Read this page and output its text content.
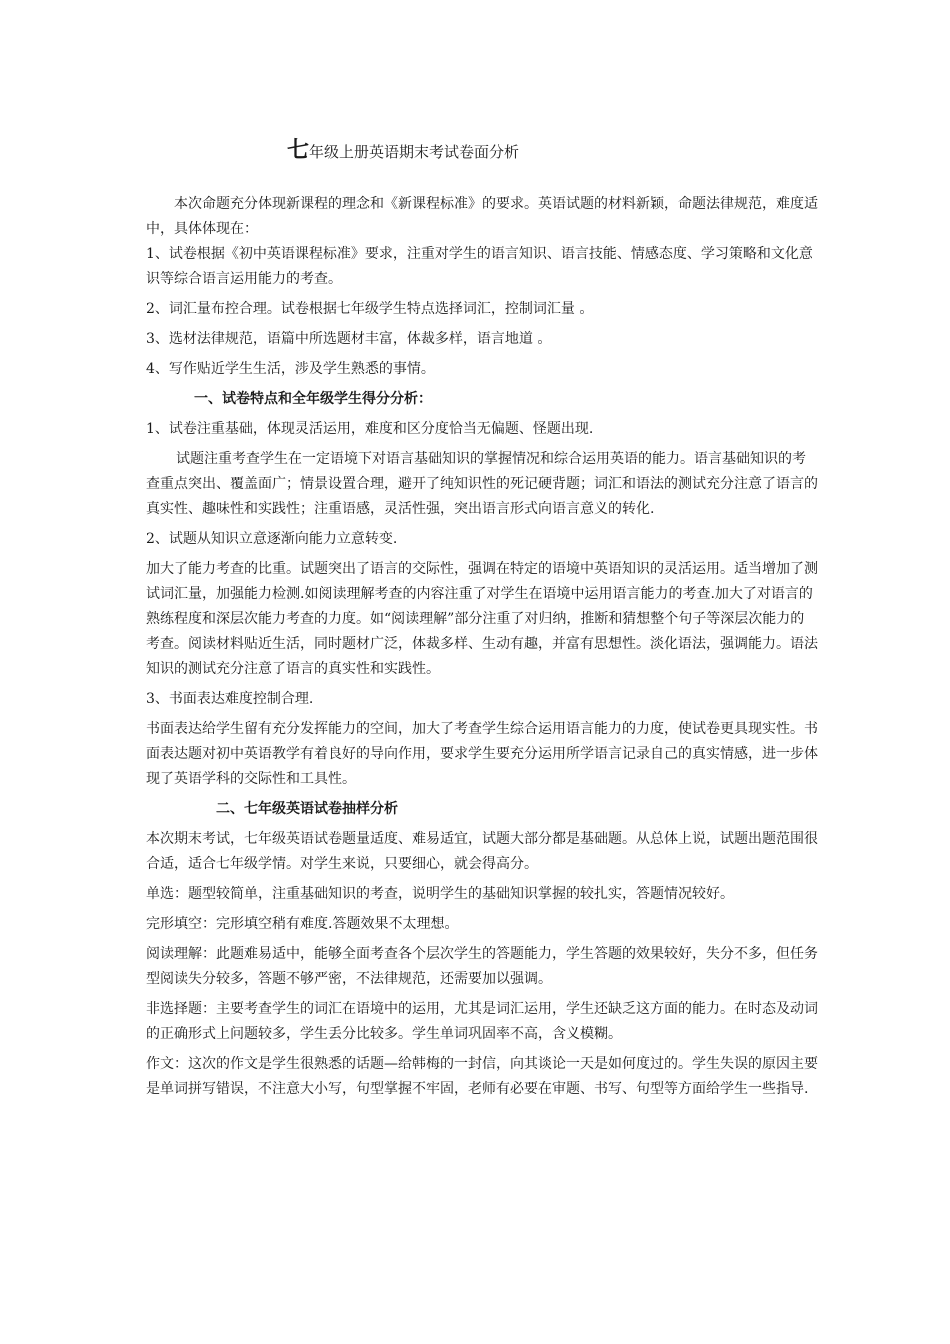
七年级上册英语期末考试卷面分析

本次命题充分体现新课程的理念和《新课程标准》的要求。英语试题的材料新颖，命题法律规范，难度适中，具体体现在：

1、试卷根据《初中英语课程标准》要求，注重对学生的语言知识、语言技能、情感态度、学习策略和文化意识等综合语言运用能力的考查。

2、词汇量布控合理。试卷根据七年级学生特点选择词汇，控制词汇量 。

3、选材法律规范，语篇中所选题材丰富，体裁多样，语言地道 。

4、写作贴近学生生活，涉及学生熟悉的事情。

一、试卷特点和全年级学生得分分析：

1、试卷注重基础，体现灵活运用，难度和区分度恰当无偏题、怪题出现.

试题注重考查学生在一定语境下对语言基础知识的掌握情况和综合运用英语的能力。语言基础知识的考查重点突出、覆盖面广；情景设置合理，避开了纯知识性的死记硬背题；词汇和语法的测试充分注意了语言的真实性、趣味性和实践性；注重语感，灵活性强，突出语言形式向语言意义的转化.

2、试题从知识立意逐渐向能力立意转变.

加大了能力考查的比重。试题突出了语言的交际性，强调在特定的语境中英语知识的灵活运用。适当增加了测试词汇量，加强能力检测.如阅读理解考查的内容注重了对学生在语境中运用语言能力的考查.加大了对语言的熟练程度和深层次能力考查的力度。如“阅读理解”部分注重了对归纳，推断和猜想整个句子等深层次能力的考查。阅读材料贴近生活，同时题材广泛，体裁多样、生动有趣，并富有思想性。淡化语法，强调能力。语法知识的测试充分注意了语言的真实性和实践性。

3、书面表达难度控制合理.

书面表达给学生留有充分发挥能力的空间，加大了考查学生综合运用语言能力的力度，使试卷更具现实性。书面表达题对初中英语教学有着良好的导向作用，要求学生要充分运用所学语言记录自己的真实情感，进一步体现了英语学科的交际性和工具性。

二、七年级英语试卷抽样分析

本次期末考试，七年级英语试卷题量适度、难易适宜，试题大部分都是基础题。从总体上说，试题出题范围很合适，适合七年级学情。对学生来说，只要细心，就会得高分。

单选：题型较简单，注重基础知识的考查，说明学生的基础知识掌握的较扎实，答题情况较好。

完形填空：完形填空稍有难度.答题效果不太理想。

阅读理解：此题难易适中，能够全面考查各个层次学生的答题能力，学生答题的效果较好，失分不多，但任务型阅读失分较多，答题不够严密，不法律规范，还需要加以强调。

非选择题：主要考查学生的词汇在语境中的运用，尤其是词汇运用，学生还缺乏这方面的能力。在时态及动词的正确形式上问题较多，学生丢分比较多。学生单词巩固率不高，含义模糊。

作文：这次的作文是学生很熟悉的话题—给韩梅的一封信，向其谈论一天是如何度过的。学生失误的原因主要是单词拼写错误，不注意大小写，句型掌握不牢固，老师有必要在审题、书写、句型等方面给学生一些指导.
